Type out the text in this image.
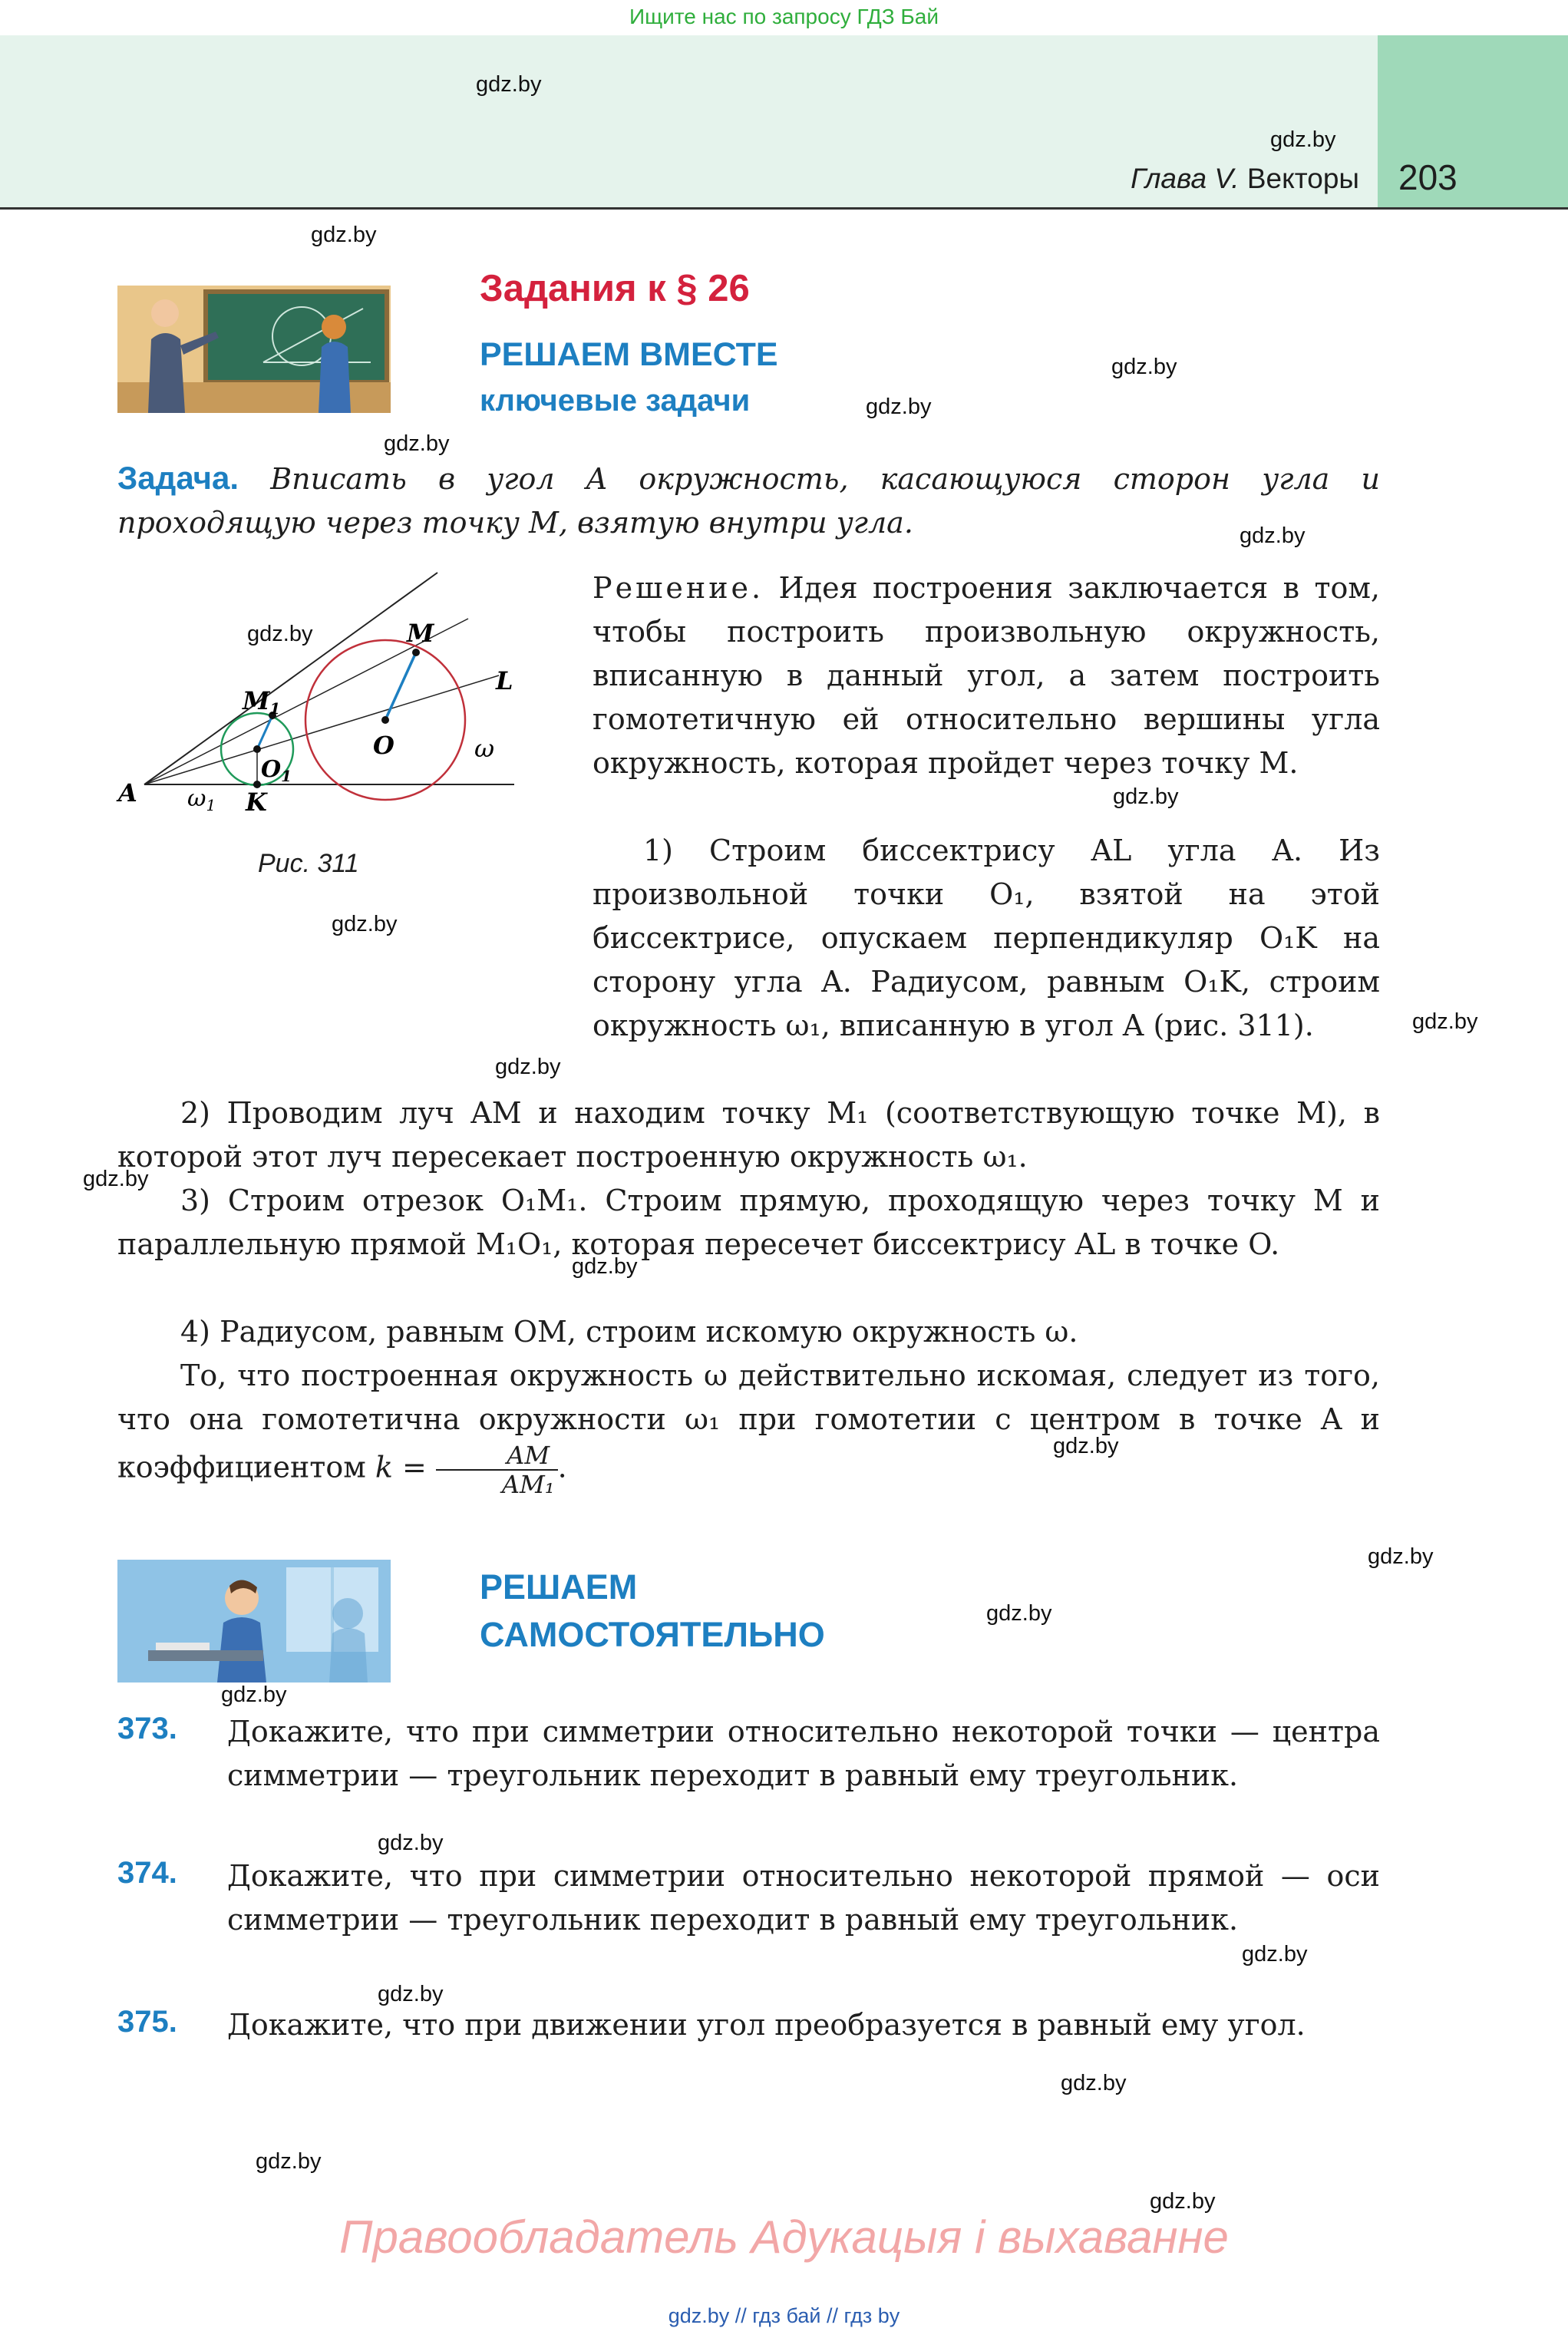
Ищите нас по запросу ГДЗ Бай
Глава V. Векторы 203
gdz.by
gdz.by
gdz.by
gdz.by
gdz.by
gdz.by
gdz.by
gdz.by
gdz.by
gdz.by
gdz.by
gdz.by
gdz.by
gdz.by
gdz.by
gdz.by
gdz.by
gdz.by
gdz.by
gdz.by
gdz.by
gdz.by
gdz.by
gdz.by
Задания к § 26
РЕШАЕМ ВМЕСТЕ
ключевые задачи
Задача. Вписать в угол A окружность, касающуюся сторон угла и проходящую через точку M, взятую внутри угла.
A
M
L
M1
O
$O_1$
K
ω
$\omega_1$
Рис. 311
Решение. Идея построения заключается в том, чтобы построить произвольную окружность, вписанную в данный угол, а затем построить гомотетичную ей относительно вершины угла окружность, которая пройдет через точку M.
1) Строим биссектрису AL угла A. Из произвольной точки O₁, взятой на этой биссектрисе, опускаем перпендикуляр O₁K на сторону угла A. Радиусом, равным O₁K, строим окружность ω₁, вписанную в угол A (рис. 311).
2) Проводим луч AM и находим точку M₁ (соответствующую точке M), в которой этот луч пересекает построенную окружность ω₁.
3) Строим отрезок O₁M₁. Строим прямую, проходящую через точку M и параллельную прямой M₁O₁, которая пересечет биссектрису AL в точке O.
4) Радиусом, равным OM, строим искомую окружность ω.
То, что построенная окружность ω действительно искомая, следует из того, что она гомотетична окружности ω₁ при гомотетии с центром в точке A и коэффициентом $k = \frac{AM}{\text{AM₁}}$ .
РЕШАЕМ
САМОСТОЯТЕЛЬНО
373. Докажите, что при симметрии относительно некоторой точки — центра симметрии — треугольник переходит в равный ему треугольник.
374. Докажите, что при симметрии относительно некоторой прямой — оси симметрии — треугольник переходит в равный ему треугольник.
375. Докажите, что при движении угол преобразуется в равный ему угол.
Правообладатель Адукацыя і выхаванне
gdz.by // гдз бай // гдз by
